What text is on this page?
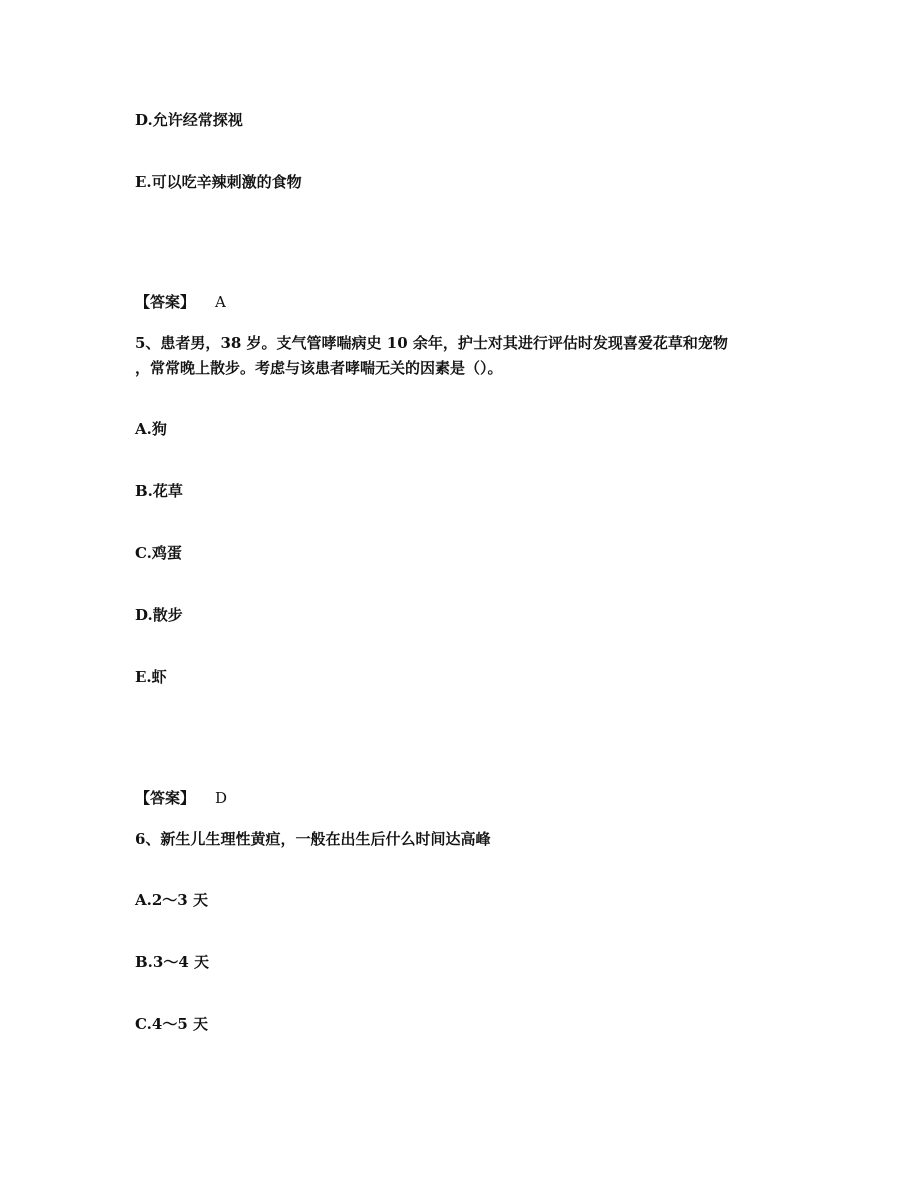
D.允许经常探视

E.可以吃辛辣刺激的食物

【答案】 A

5、患者男，38 岁。支气管哮喘病史 10 余年，护士对其进行评估时发现喜爱花草和宠物

，常常晚上散步。考虑与该患者哮喘无关的因素是（）。

A.狗

B.花草

C.鸡蛋

D.散步

E.虾

【答案】 D

6、新生儿生理性黄疸，一般在出生后什么时间达高峰

A.2～3 天

B.3～4 天

C.4～5 天
